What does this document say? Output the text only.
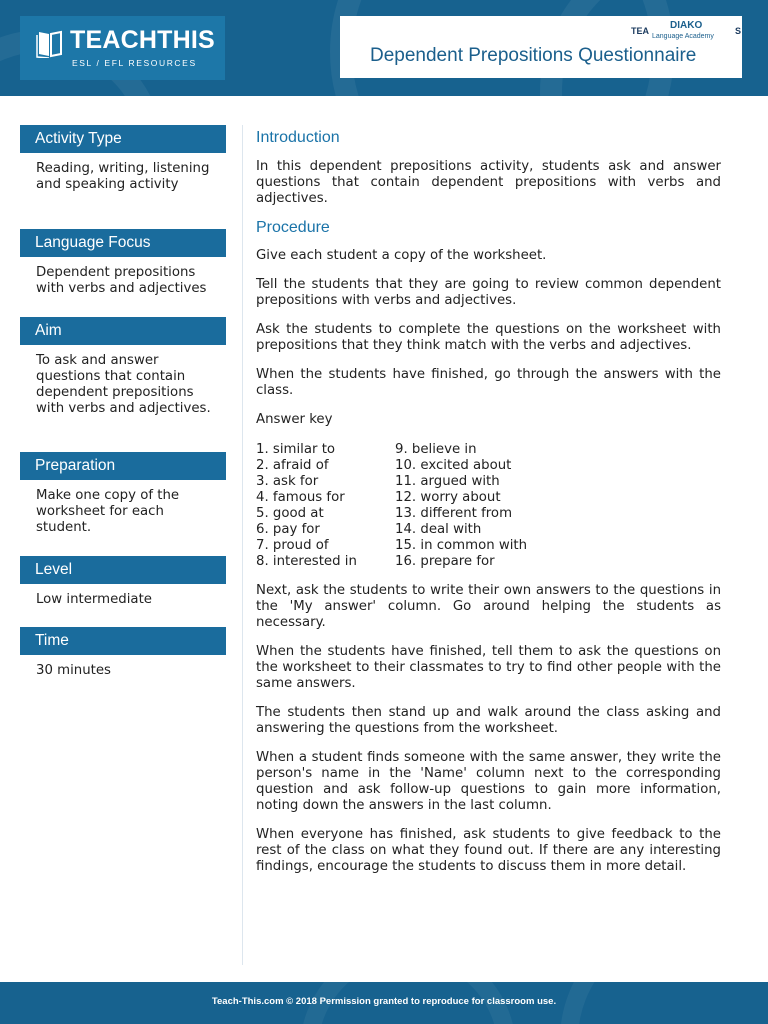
TEACHTHIS
ESL / EFL RESOURCES
TEA DIAKO
Language Academy
S
Dependent Prepositions Questionnaire
Activity Type
Reading, writing, listening and speaking activity
Language Focus
Dependent prepositions with verbs and adjectives
Aim
To ask and answer questions that contain dependent prepositions with verbs and adjectives.
Preparation
Make one copy of the worksheet for each student.
Level
Low intermediate
Time
30 minutes
Introduction

In this dependent prepositions activity, students ask and answer questions that contain dependent prepositions with verbs and adjectives.

Procedure

Give each student a copy of the worksheet.

Tell the students that they are going to review common dependent prepositions with verbs and adjectives.

Ask the students to complete the questions on the worksheet with prepositions that they think match with the verbs and adjectives.

When the students have finished, go through the answers with the class.

Answer key

1. similar to
2. afraid of
3. ask for
4. famous for
5. good at
6. pay for
7. proud of
8. interested in
9. believe in
10. excited about
11. argued with
12. worry about
13. different from
14. deal with
15. in common with
16. prepare for

Next, ask the students to write their own answers to the questions in the 'My answer' column. Go around helping the students as necessary.

When the students have finished, tell them to ask the questions on the worksheet to their classmates to try to find other people with the same answers.

The students then stand up and walk around the class asking and answering the questions from the worksheet.

When a student finds someone with the same answer, they write the person's name in the 'Name' column next to the corresponding question and ask follow-up questions to gain more information, noting down the answers in the last column.

When everyone has finished, ask students to give feedback to the rest of the class on what they found out. If there are any interesting findings, encourage the students to discuss them in more detail.

Teach-This.com © 2018 Permission granted to reproduce for classroom use.
